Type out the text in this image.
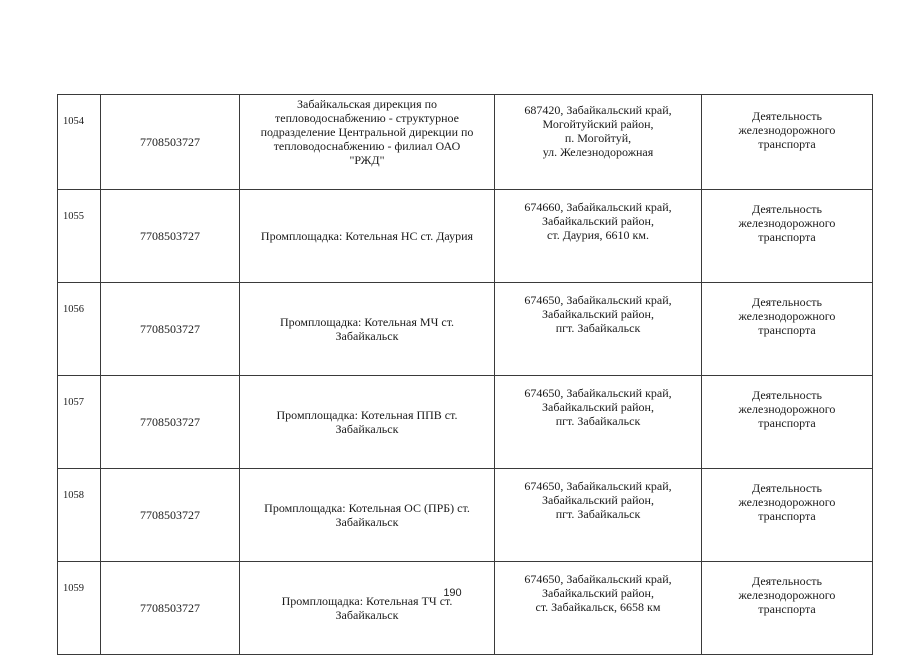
1054	7708503727	Забайкальская дирекция по
тепловодоснабжению - структурное
подразделение Центральной дирекции по
тепловодоснабжению - филиал ОАО
"РЖД"	687420, Забайкальский край,
Могойтуйский район,
п. Могойтуй,
ул. Железнодорожная	Деятельность
железнодорожного
транспорта

1055	7708503727	Промплощадка: Котельная НС ст. Даурия	674660, Забайкальский край,
Забайкальский район,
ст. Даурия, 6610 км.	Деятельность
железнодорожного
транспорта

1056	7708503727	Промплощадка: Котельная МЧ ст.
Забайкальск	674650, Забайкальский край,
Забайкальский район,
пгт. Забайкальск	Деятельность
железнодорожного
транспорта

1057	7708503727	Промплощадка: Котельная ППВ ст.
Забайкальск	674650, Забайкальский край,
Забайкальский район,
пгт. Забайкальск	Деятельность
железнодорожного
транспорта

1058	7708503727	Промплощадка: Котельная ОС (ПРБ) ст.
Забайкальск	674650, Забайкальский край,
Забайкальский район,
пгт. Забайкальск	Деятельность
железнодорожного
транспорта

1059	7708503727	Промплощадка: Котельная ТЧ ст.
Забайкальск	674650, Забайкальский край,
Забайкальский район,
ст. Забайкальск, 6658 км	Деятельность
железнодорожного
транспорта
190
